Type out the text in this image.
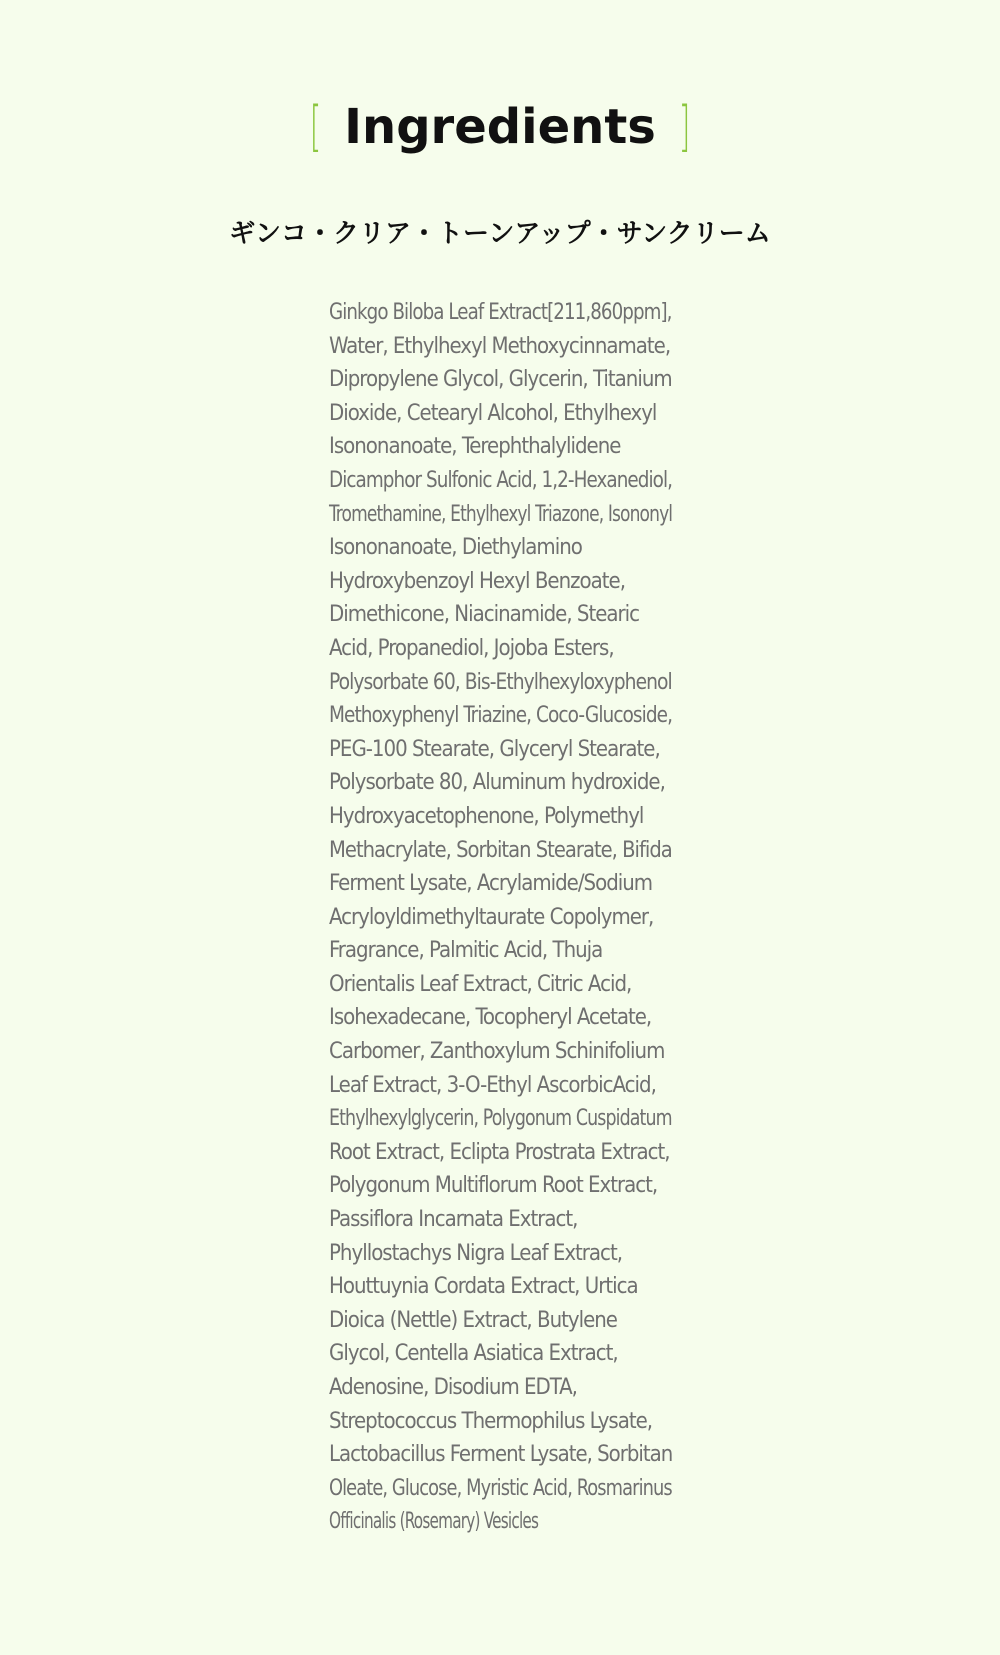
[ Ingredients ]
ギンコ・クリア・トーンアップ・サンクリーム
Ginkgo Biloba Leaf Extract[211,860ppm],
Water, Ethylhexyl Methoxycinnamate,
Dipropylene Glycol, Glycerin, Titanium
Dioxide, Cetearyl Alcohol, Ethylhexyl
Isononanoate, Terephthalylidene
Dicamphor Sulfonic Acid, 1,2-Hexanediol,
Tromethamine, Ethylhexyl Triazone, Isononyl
Isononanoate, Diethylamino
Hydroxybenzoyl Hexyl Benzoate,
Dimethicone, Niacinamide, Stearic
Acid, Propanediol, Jojoba Esters,
Polysorbate 60, Bis-Ethylhexyloxyphenol
Methoxyphenyl Triazine, Coco-Glucoside,
PEG-100 Stearate, Glyceryl Stearate,
Polysorbate 80, Aluminum hydroxide,
Hydroxyacetophenone, Polymethyl
Methacrylate, Sorbitan Stearate, Bifida
Ferment Lysate, Acrylamide/Sodium
Acryloyldimethyltaurate Copolymer,
Fragrance, Palmitic Acid, Thuja
Orientalis Leaf Extract, Citric Acid,
Isohexadecane, Tocopheryl Acetate,
Carbomer, Zanthoxylum Schinifolium
Leaf Extract, 3-O-Ethyl AscorbicAcid,
Ethylhexylglycerin, Polygonum Cuspidatum
Root Extract, Eclipta Prostrata Extract,
Polygonum Multiflorum Root Extract,
Passiflora Incarnata Extract,
Phyllostachys Nigra Leaf Extract,
Houttuynia Cordata Extract, Urtica
Dioica (Nettle) Extract, Butylene
Glycol, Centella Asiatica Extract,
Adenosine, Disodium EDTA,
Streptococcus Thermophilus Lysate,
Lactobacillus Ferment Lysate, Sorbitan
Oleate, Glucose, Myristic Acid, Rosmarinus
Officinalis (Rosemary) Vesicles
